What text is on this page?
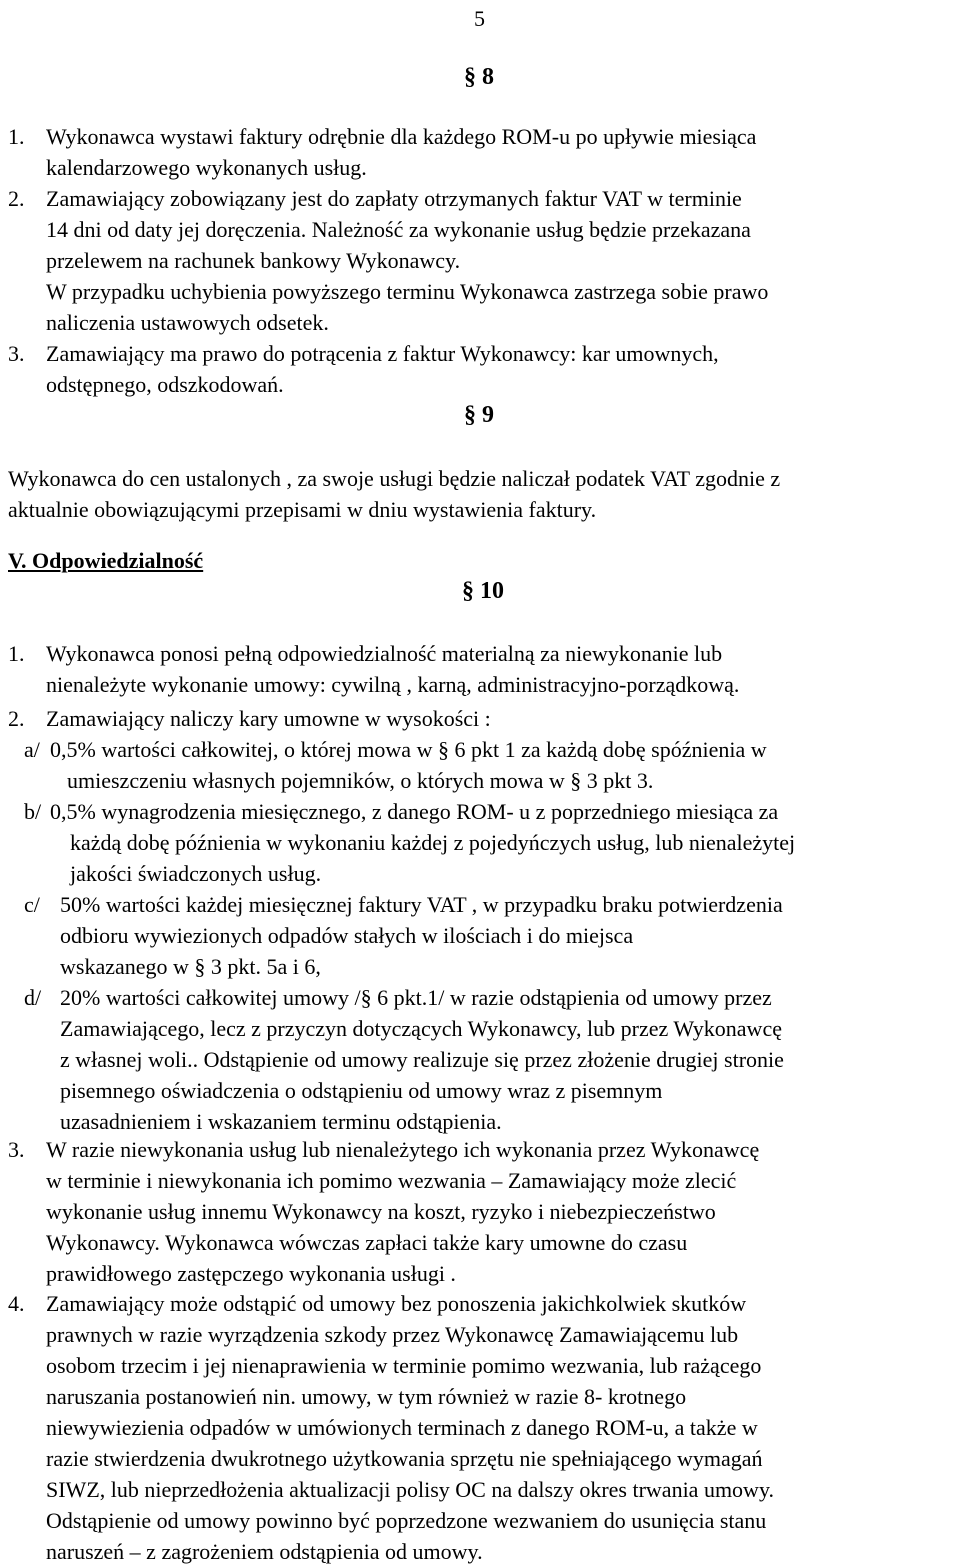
5
§ 8
1. Wykonawca wystawi faktury odrębnie dla każdego ROM-u po upływie miesiąca
kalendarzowego wykonanych usług.
2. Zamawiający zobowiązany jest do zapłaty otrzymanych faktur VAT w terminie
14 dni od daty jej doręczenia. Należność za wykonanie usług będzie przekazana
przelewem na rachunek bankowy Wykonawcy.
W przypadku uchybienia powyższego terminu Wykonawca zastrzega sobie prawo
naliczenia ustawowych odsetek.
3. Zamawiający ma prawo do potrącenia z faktur Wykonawcy: kar umownych,
odstępnego, odszkodowań.
§ 9
Wykonawca do cen ustalonych , za swoje usługi będzie naliczał podatek VAT zgodnie z
aktualnie obowiązującymi przepisami w dniu wystawienia faktury.
V. Odpowiedzialność
§ 10
1. Wykonawca ponosi pełną odpowiedzialność materialną za niewykonanie lub
nienależyte wykonanie umowy: cywilną , karną, administracyjno-porządkową.
2. Zamawiający naliczy kary umowne w wysokości :
a/ 0,5% wartości całkowitej, o której mowa w § 6 pkt 1 za każdą dobę spóźnienia w
umieszczeniu własnych pojemników, o których mowa w § 3 pkt 3.
b/ 0,5% wynagrodzenia miesięcznego, z danego ROM- u z poprzedniego miesiąca za
każdą dobę późnienia w wykonaniu każdej z pojedyńczych usług, lub nienależytej
jakości świadczonych usług.
c/ 50% wartości każdej miesięcznej faktury VAT , w przypadku braku potwierdzenia
odbioru wywiezionych odpadów stałych w ilościach i do miejsca
wskazanego w § 3 pkt. 5a i 6,
d/ 20% wartości całkowitej umowy /§ 6 pkt.1/ w razie odstąpienia od umowy przez
Zamawiającego, lecz z przyczyn dotyczących Wykonawcy, lub przez Wykonawcę
z własnej woli.. Odstąpienie od umowy realizuje się przez złożenie drugiej stronie
pisemnego oświadczenia o odstąpieniu od umowy wraz z pisemnym
uzasadnieniem i wskazaniem terminu odstąpienia.
3. W razie niewykonania usług lub nienależytego ich wykonania przez Wykonawcę
w terminie i niewykonania ich pomimo wezwania – Zamawiający może zlecić
wykonanie usług innemu Wykonawcy na koszt, ryzyko i niebezpieczeństwo
Wykonawcy. Wykonawca wówczas zapłaci także kary umowne do czasu
prawidłowego zastępczego wykonania usługi .
4. Zamawiający może odstąpić od umowy bez ponoszenia jakichkolwiek skutków
prawnych w razie wyrządzenia szkody przez Wykonawcę Zamawiającemu lub
osobom trzecim i jej nienaprawienia w terminie pomimo wezwania, lub rażącego
naruszania postanowień nin. umowy, w tym również w razie 8- krotnego
niewywiezienia odpadów w umówionych terminach z danego ROM-u, a także w
razie stwierdzenia dwukrotnego użytkowania sprzętu nie spełniającego wymagań
SIWZ, lub nieprzedłożenia aktualizacji polisy OC na dalszy okres trwania umowy.
Odstąpienie od umowy powinno być poprzedzone wezwaniem do usunięcia stanu
naruszeń – z zagrożeniem odstąpienia od umowy.
